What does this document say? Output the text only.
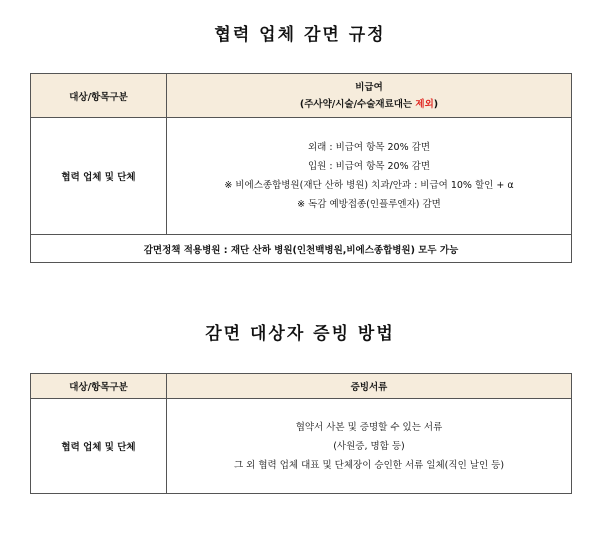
협력 업체 감면 규정
대상/항목구분	비급여
(주사약/시술/수술재료대는 제외)

협력 업체 및 단체	외래 : 비급여 항목 20% 감면
입원 : 비급여 항목 20% 감면
※ 비에스종합병원(재단 산하 병원) 치과/안과 : 비급여 10% 할인 + α
※ 독감 예방접종(인플루엔자) 감면

감면정책 적용병원 : 재단 산하 병원(인천백병원,비에스종합병원) 모두 가능	
감면 대상자 증빙 방법
대상/항목구분	증빙서류
협력 업체 및 단체	협약서 사본 및 증명할 수 있는 서류
(사원증, 명함 등)
그 외 협력 업체 대표 및 단체장이 승인한 서류 일체(직인 날인 등)
